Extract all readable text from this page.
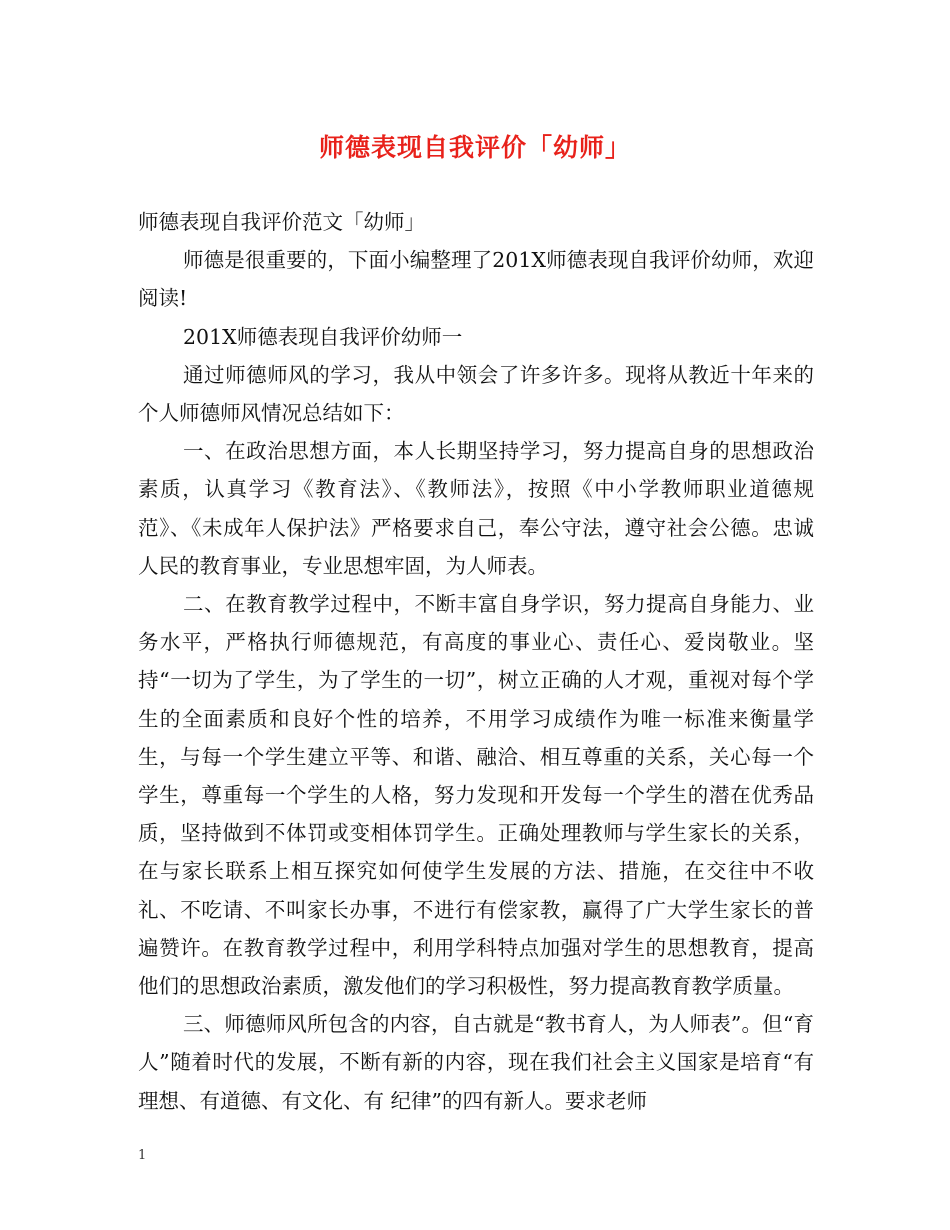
师德表现自我评价「幼师」

师德表现自我评价范文「幼师」

师德是很重要的，下面小编整理了201X师德表现自我评价幼师，欢迎阅读!

201X师德表现自我评价幼师一

通过师德师风的学习，我从中领会了许多许多。现将从教近十年来的个人师德师风情况总结如下：

一、在政治思想方面，本人长期坚持学习，努力提高自身的思想政治素质，认真学习《教育法》、《教师法》，按照《中小学教师职业道德规范》、《未成年人保护法》严格要求自己，奉公守法，遵守社会公德。忠诚人民的教育事业，专业思想牢固，为人师表。

二、在教育教学过程中，不断丰富自身学识，努力提高自身能力、业务水平，严格执行师德规范，有高度的事业心、责任心、爱岗敬业。坚持“一切为了学生，为了学生的一切”，树立正确的人才观，重视对每个学生的全面素质和良好个性的培养，不用学习成绩作为唯一标准来衡量学生，与每一个学生建立平等、和谐、融洽、相互尊重的关系，关心每一个学生，尊重每一个学生的人格，努力发现和开发每一个学生的潜在优秀品质，坚持做到不体罚或变相体罚学生。正确处理教师与学生家长的关系，在与家长联系上相互探究如何使学生发展的方法、措施，在交往中不收礼、不吃请、不叫家长办事，不进行有偿家教，赢得了广大学生家长的普遍赞许。在教育教学过程中，利用学科特点加强对学生的思想教育，提高他们的思想政治素质，激发他们的学习积极性，努力提高教育教学质量。

三、师德师风所包含的内容，自古就是“教书育人，为人师表”。但“育人”随着时代的发展，不断有新的内容，现在我们社会主义国家是培育“有理想、有道德、有文化、有 纪律”的四有新人。要求老师

1
